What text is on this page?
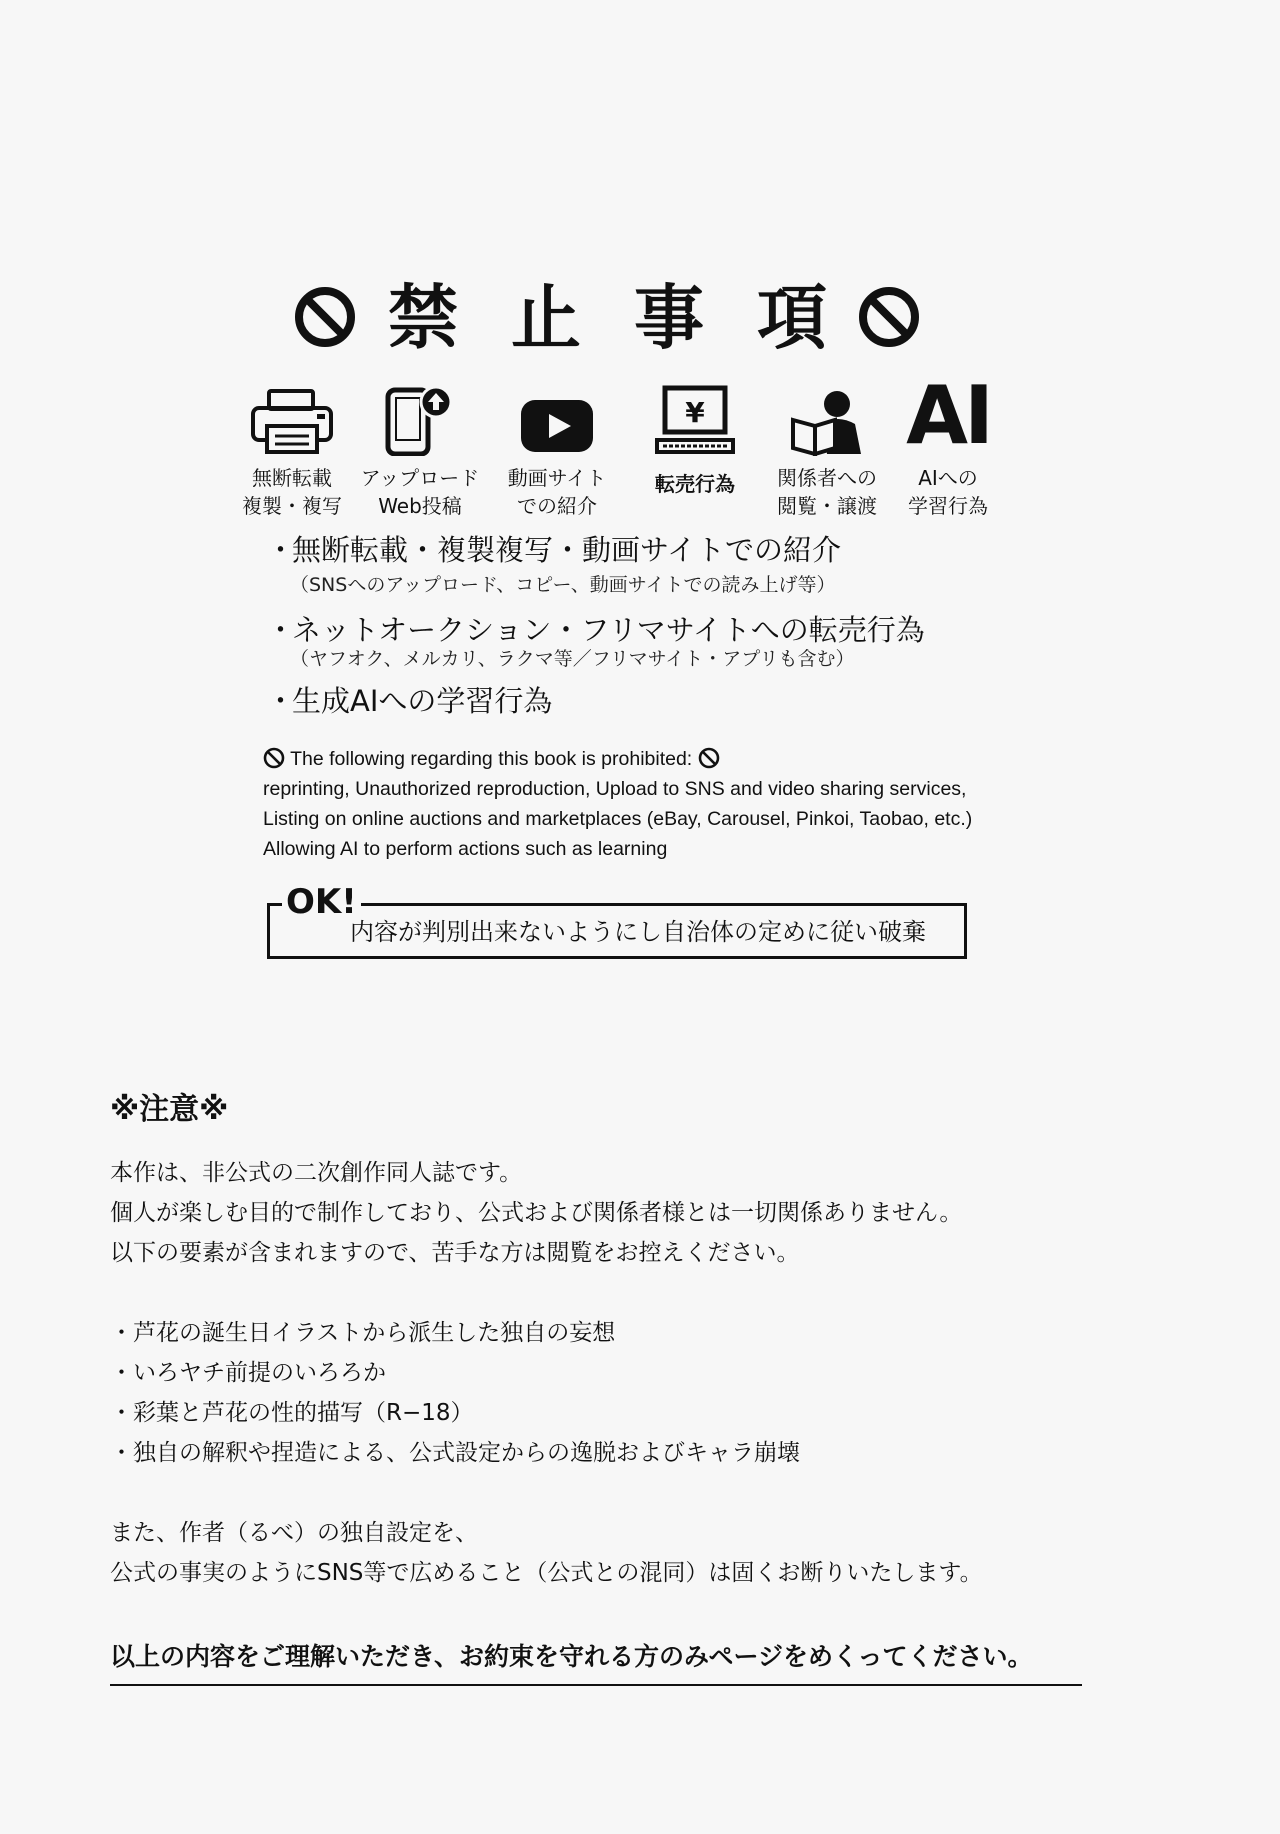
禁 止 事 項
無断転載
複製・複写
アップロード
Web投稿
動画サイト
での紹介
¥
転売行為	関係者への
閲覧・譲渡
AI
AIへの
学習行為
・無断転載・複製複写・動画サイトでの紹介
（SNSへのアップロード、コピー、動画サイトでの読み上げ等）
・ネットオークション・フリマサイトへの転売行為
（ヤフオク、メルカリ、ラクマ等／フリマサイト・アプリも含む）
・生成AIへの学習行為
The following regarding this book is prohibited:
reprinting, Unauthorized reproduction, Upload to SNS and video sharing services,
Listing on online auctions and marketplaces (eBay, Carousel, Pinkoi, Taobao, etc.)
Allowing AI to perform actions such as learning
OK!
内容が判別出来ないようにし自治体の定めに従い破棄
※注意※
本作は、非公式の二次創作同人誌です。
個人が楽しむ目的で制作しており、公式および関係者様とは一切関係ありません。
以下の要素が含まれますので、苦手な方は閲覧をお控えください。
・芦花の誕生日イラストから派生した独自の妄想
・いろヤチ前提のいろろか
・彩葉と芦花の性的描写（R−18）
・独自の解釈や捏造による、公式設定からの逸脱およびキャラ崩壊
また、作者（るべ）の独自設定を、
公式の事実のようにSNS等で広めること（公式との混同）は固くお断りいたします。
以上の内容をご理解いただき、お約束を守れる方のみページをめくってください。
